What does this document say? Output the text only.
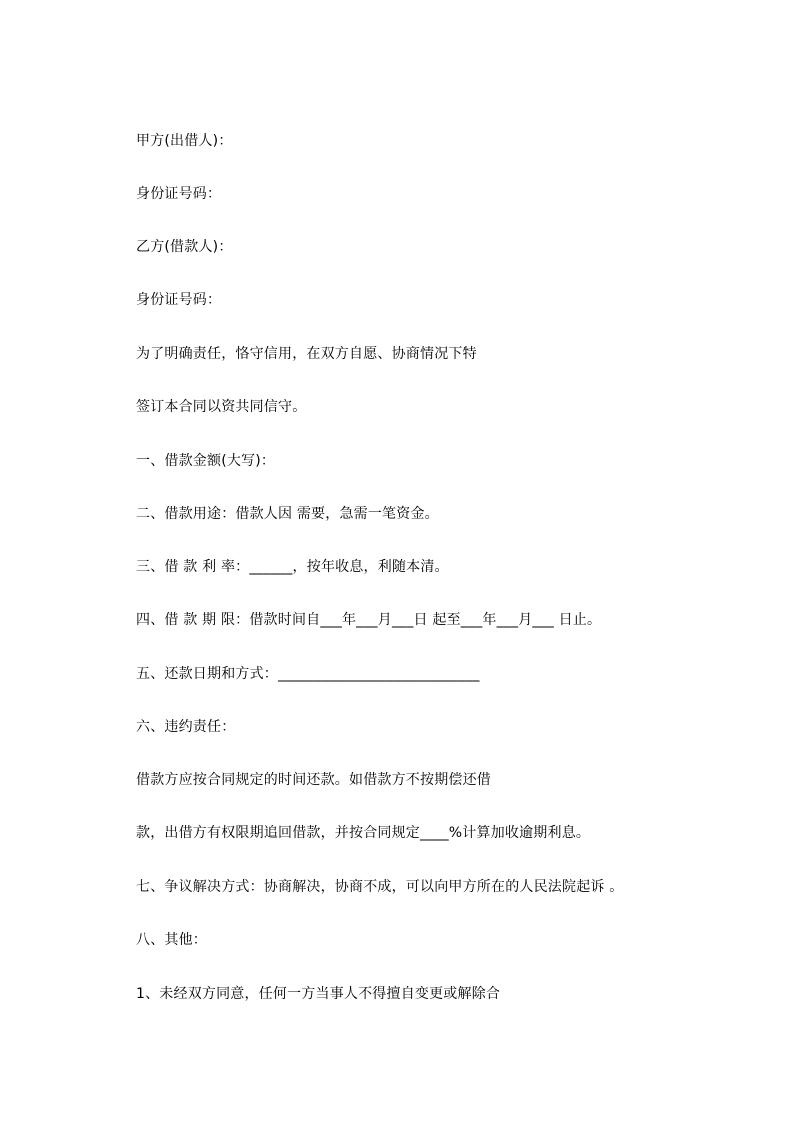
甲方(出借人)：
身份证号码：
乙方(借款人)：
身份证号码：
为了明确责任，恪守信用，在双方自愿、协商情况下特
签订本合同以资共同信守。
一、借款金额(大写)：
二、借款用途：借款人因 需要，急需一笔资金。
三、借 款 利 率：______，按年收息，利随本清。
四、借 款 期 限：借款时间自___年___月___日 起至___年___月___ 日止。
五、还款日期和方式：____________________________
六、违约责任：
借款方应按合同规定的时间还款。如借款方不按期偿还借
款，出借方有权限期追回借款，并按合同规定____%计算加收逾期利息。
七、争议解决方式：协商解决，协商不成，可以向甲方所在的人民法院起诉 。
八、其他：
1、未经双方同意，任何一方当事人不得擅自变更或解除合
